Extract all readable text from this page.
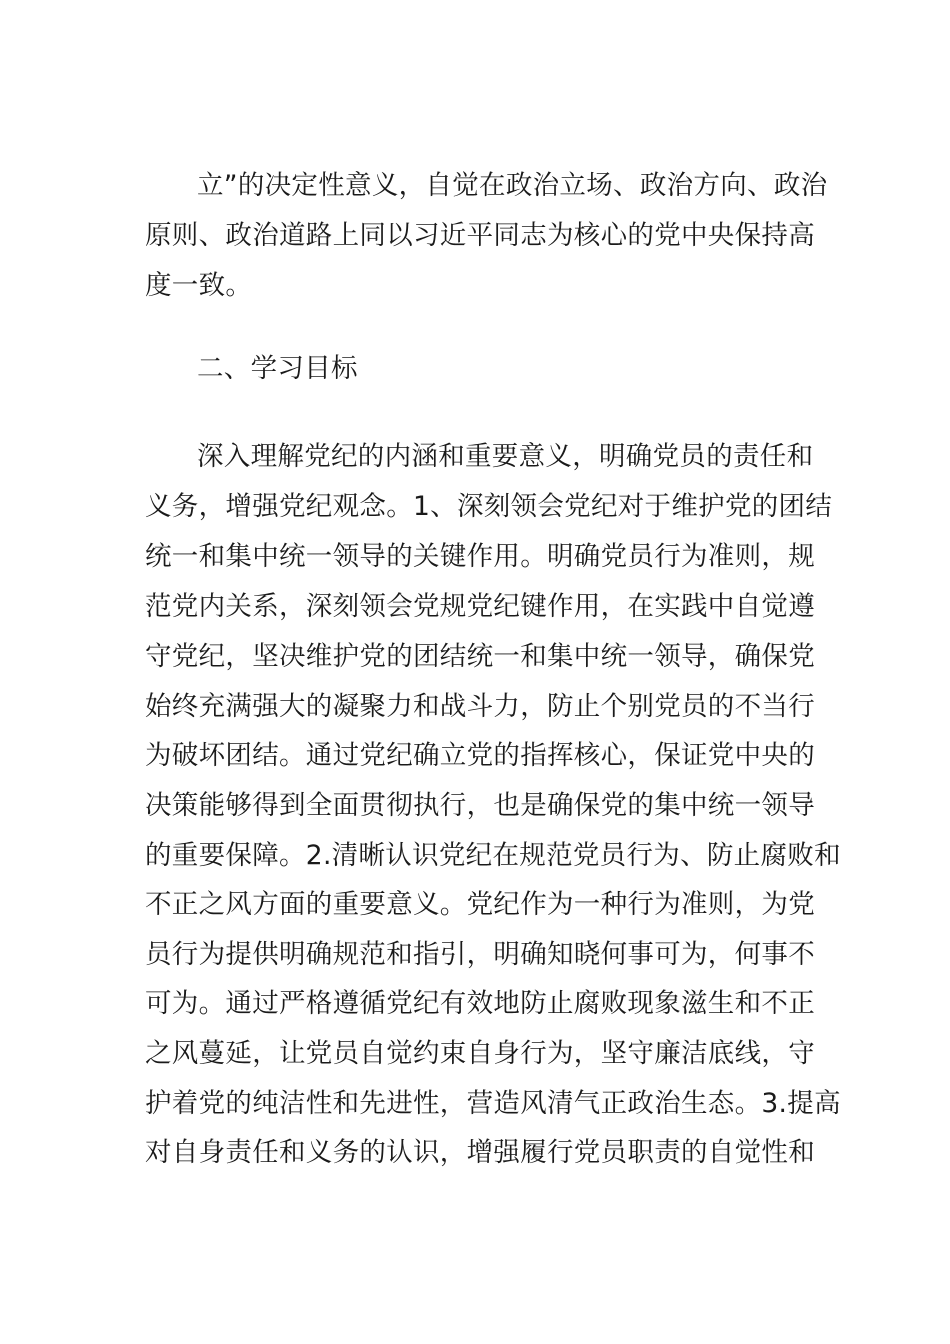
立”的决定性意义，自觉在政治立场、政治方向、政治
原则、政治道路上同以习近平同志为核心的党中央保持高
度一致。
二、学习目标
深入理解党纪的内涵和重要意义，明确党员的责任和
义务，增强党纪观念。1、深刻领会党纪对于维护党的团结
统一和集中统一领导的关键作用。明确党员行为准则，规
范党内关系，深刻领会党规党纪键作用，在实践中自觉遵
守党纪，坚决维护党的团结统一和集中统一领导，确保党
始终充满强大的凝聚力和战斗力，防止个别党员的不当行
为破坏团结。通过党纪确立党的指挥核心，保证党中央的
决策能够得到全面贯彻执行，也是确保党的集中统一领导
的重要保障。2.清晰认识党纪在规范党员行为、防止腐败和
不正之风方面的重要意义。党纪作为一种行为准则，为党
员行为提供明确规范和指引，明确知晓何事可为，何事不
可为。通过严格遵循党纪有效地防止腐败现象滋生和不正
之风蔓延，让党员自觉约束自身行为，坚守廉洁底线，守
护着党的纯洁性和先进性，营造风清气正政治生态。3.提高
对自身责任和义务的认识，增强履行党员职责的自觉性和
